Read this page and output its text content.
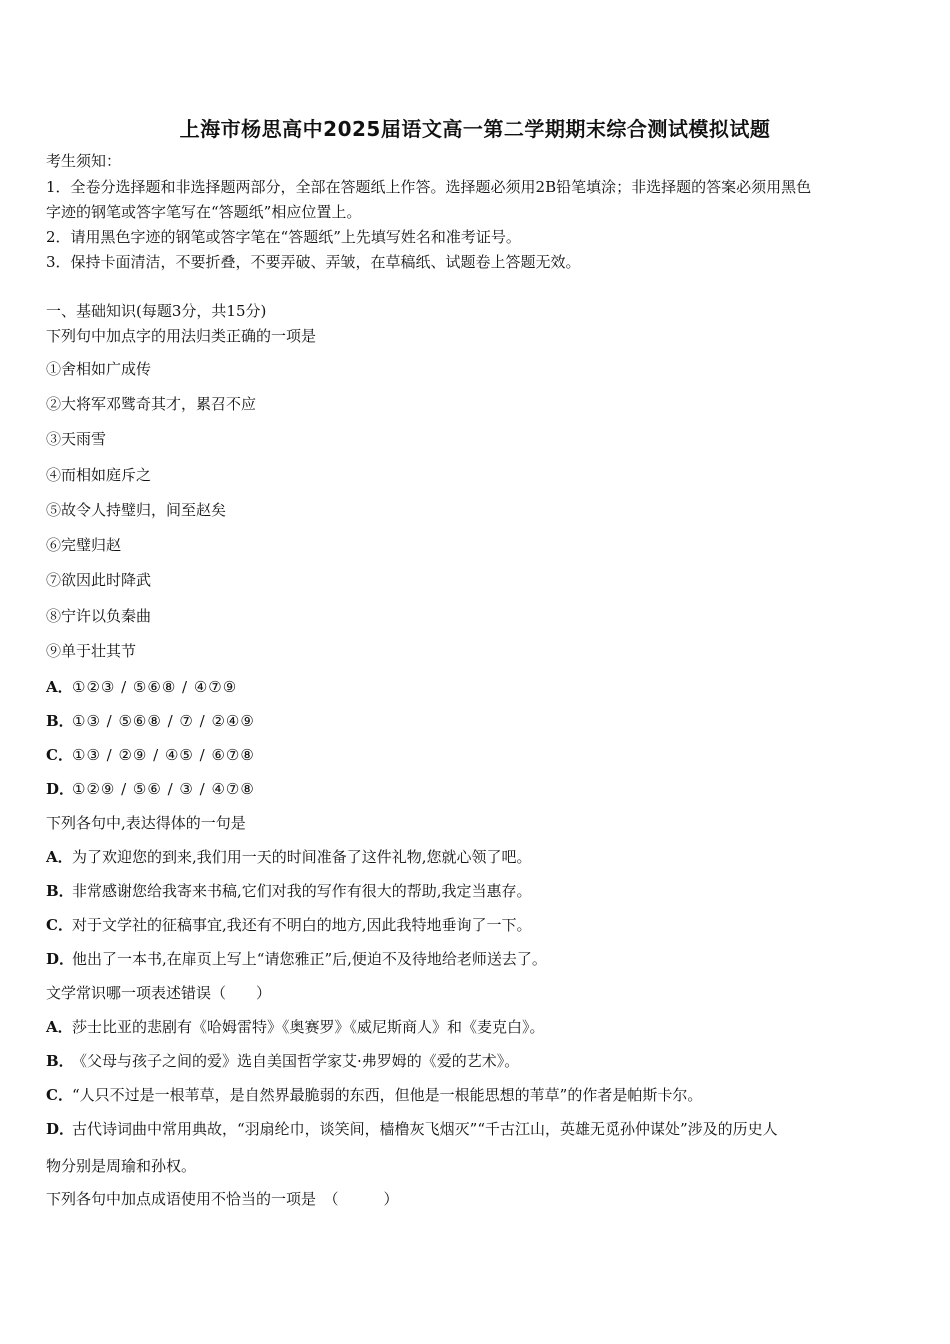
上海市杨思高中2025届语文高一第二学期期末综合测试模拟试题
考生须知：
1．全卷分选择题和非选择题两部分，全部在答题纸上作答。选择题必须用2B铅笔填涂；非选择题的答案必须用黑色
字迹的钢笔或答字笔写在“答题纸”相应位置上。
2．请用黑色字迹的钢笔或答字笔在“答题纸”上先填写姓名和准考证号。
3．保持卡面清洁，不要折叠，不要弄破、弄皱，在草稿纸、试题卷上答题无效。
一、基础知识(每题3分，共15分)
下列句中加点字的用法归类正确的一项是
①舍相如广成传
②大将军邓骘奇其才，累召不应
③天雨雪
④而相如庭斥之
⑤故令人持璧归，间至赵矣
⑥完璧归赵
⑦欲因此时降武
⑧宁许以负秦曲
⑨单于壮其节
A．①②③ / ⑤⑥⑧ / ④⑦⑨
B．①③ / ⑤⑥⑧ / ⑦ / ②④⑨
C．①③ / ②⑨ / ④⑤ / ⑥⑦⑧
D．①②⑨ / ⑤⑥ / ③ / ④⑦⑧
下列各句中,表达得体的一句是
A．为了欢迎您的到来,我们用一天的时间准备了这件礼物,您就心领了吧。
B．非常感谢您给我寄来书稿,它们对我的写作有很大的帮助,我定当惠存。
C．对于文学社的征稿事宜,我还有不明白的地方,因此我特地垂询了一下。
D．他出了一本书,在扉页上写上“请您雅正”后,便迫不及待地给老师送去了。
文学常识哪一项表述错误（　　）
A．莎士比亚的悲剧有《哈姆雷特》《奥赛罗》《威尼斯商人》和《麦克白》。
B．《父母与孩子之间的爱》选自美国哲学家艾·弗罗姆的《爱的艺术》。
C．“人只不过是一根苇草，是自然界最脆弱的东西，但他是一根能思想的苇草”的作者是帕斯卡尔。
D．古代诗词曲中常用典故，“羽扇纶巾，谈笑间，樯橹灰飞烟灭”“千古江山，英雄无觅孙仲谋处”涉及的历史人
物分别是周瑜和孙权。
下列各句中加点成语使用不恰当的一项是　（　　　）
